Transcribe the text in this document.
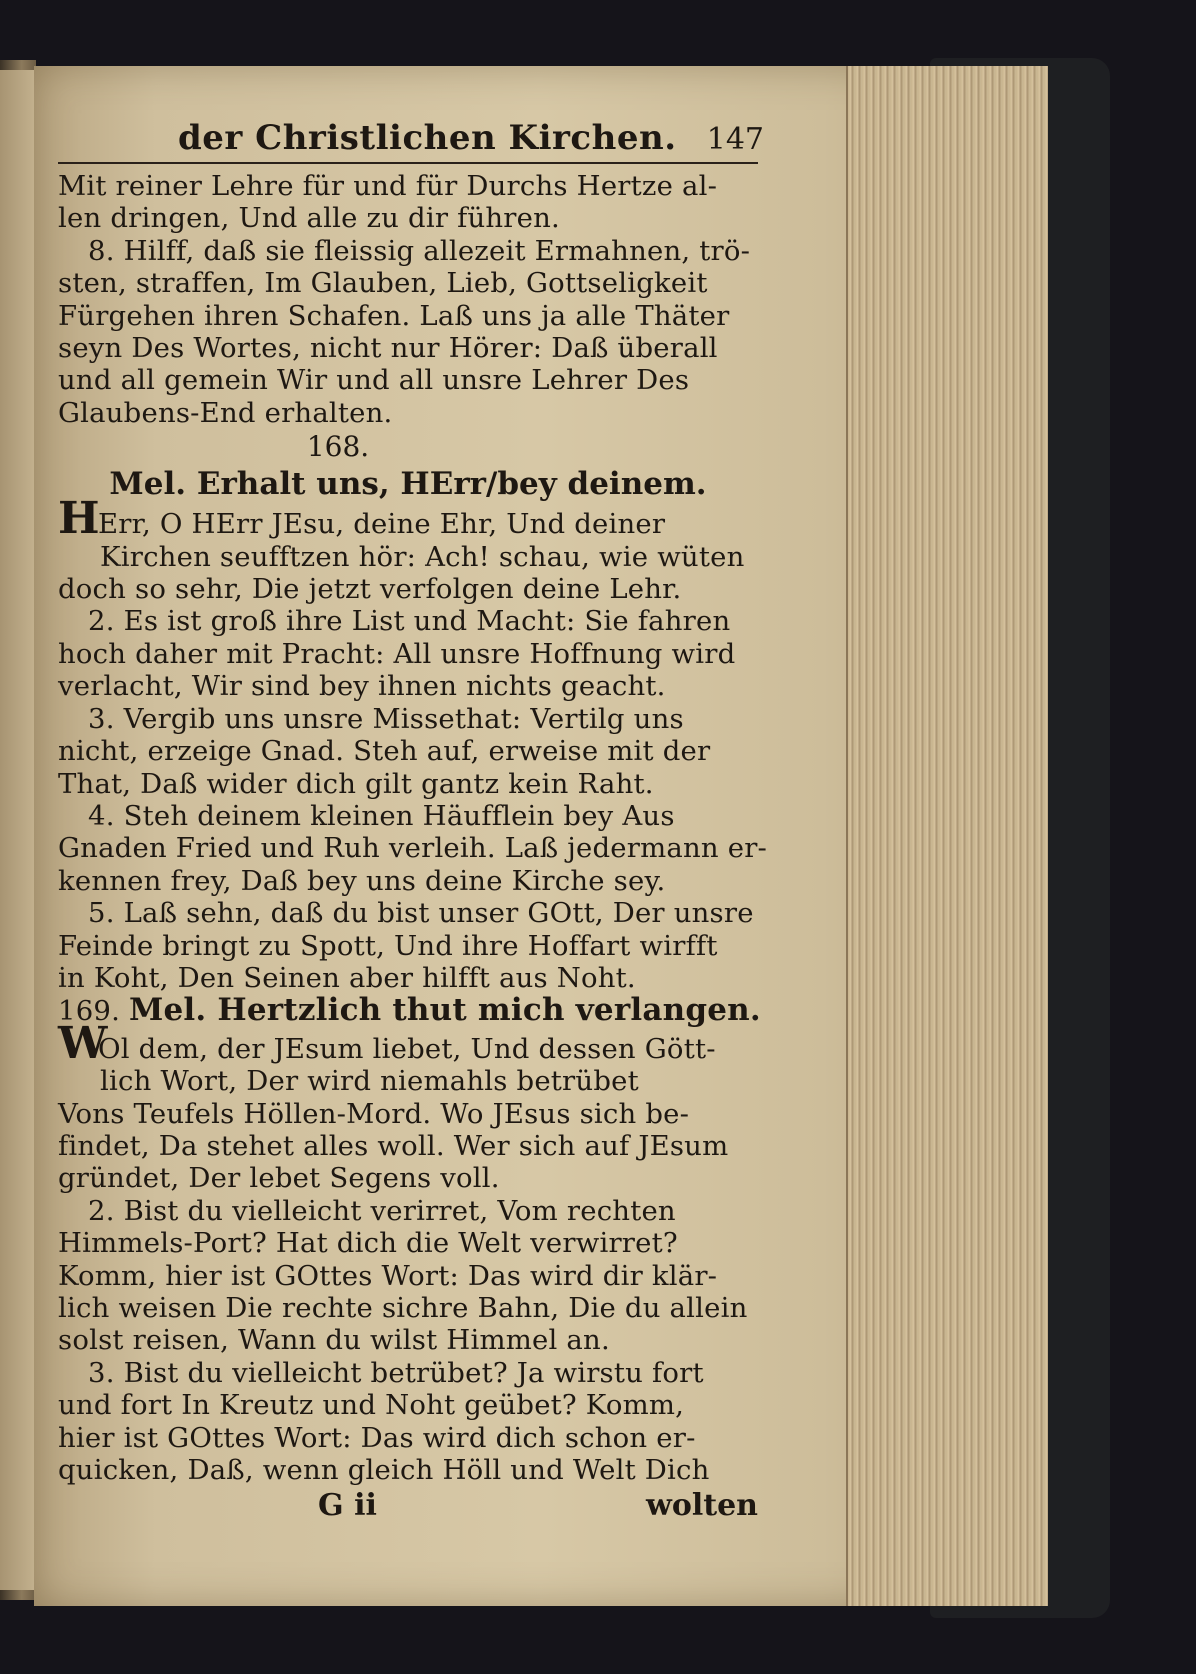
der Christlichen Kirchen. 147
Mit reiner Lehre für und für Durchs Hertze al-
len dringen, Und alle zu dir führen.
8. Hilff, daß sie fleissig allezeit Ermahnen, trö-
sten, straffen, Im Glauben, Lieb, Gottseligkeit
Fürgehen ihren Schafen. Laß uns ja alle Thäter
seyn Des Wortes, nicht nur Hörer: Daß überall
und all gemein Wir und all unsre Lehrer Des
Glaubens-End erhalten.
168.
Mel. Erhalt uns, HErr/bey deinem.
HErr, O HErr JEsu, deine Ehr, Und deiner
Kirchen seufftzen hör: Ach! schau, wie wüten
doch so sehr, Die jetzt verfolgen deine Lehr.
2. Es ist groß ihre List und Macht: Sie fahren
hoch daher mit Pracht: All unsre Hoffnung wird
verlacht, Wir sind bey ihnen nichts geacht.
3. Vergib uns unsre Missethat: Vertilg uns
nicht, erzeige Gnad. Steh auf, erweise mit der
That, Daß wider dich gilt gantz kein Raht.
4. Steh deinem kleinen Häufflein bey Aus
Gnaden Fried und Ruh verleih. Laß jedermann er-
kennen frey, Daß bey uns deine Kirche sey.
5. Laß sehn, daß du bist unser GOtt, Der unsre
Feinde bringt zu Spott, Und ihre Hoffart wirfft
in Koht, Den Seinen aber hilfft aus Noht.
169. Mel. Hertzlich thut mich verlangen.
WOl dem, der JEsum liebet, Und dessen Gött-
lich Wort, Der wird niemahls betrübet
Vons Teufels Höllen-Mord. Wo JEsus sich be-
findet, Da stehet alles woll. Wer sich auf JEsum
gründet, Der lebet Segens voll.
2. Bist du vielleicht verirret, Vom rechten
Himmels-Port? Hat dich die Welt verwirret?
Komm, hier ist GOttes Wort: Das wird dir klär-
lich weisen Die rechte sichre Bahn, Die du allein
solst reisen, Wann du wilst Himmel an.
3. Bist du vielleicht betrübet? Ja wirstu fort
und fort In Kreutz und Noht geübet? Komm,
hier ist GOttes Wort: Das wird dich schon er-
quicken, Daß, wenn gleich Höll und Welt Dich
G ii	wolten
